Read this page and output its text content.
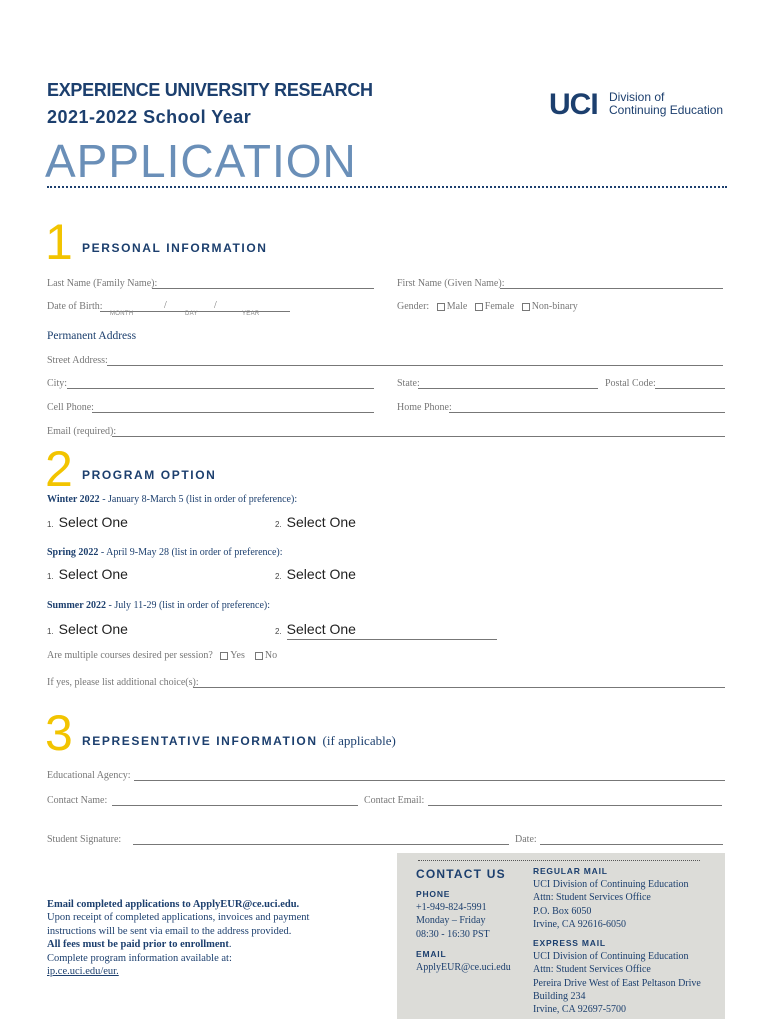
EXPERIENCE UNIVERSITY RESEARCH
2021-2022 School Year
APPLICATION
UCI Division of
Continuing Education
1 PERSONAL INFORMATION
Last Name (Family Name):	First Name (Given Name):
Date of Birth:	/	/
MONTH	DAY	YEAR
Gender: Male Female Non-binary
Permanent Address
Street Address:
City:	State:	Postal Code:
Cell Phone:	Home Phone:
Email (required):
2 PROGRAM OPTION
Winter 2022 - January 8-March 5 (list in order of preference):
1. Select One	2. Select One
Spring 2022 - April 9-May 28 (list in order of preference):
1. Select One	2. Select One
Summer 2022 - July 11-29 (list in order of preference):
1. Select One	2. Select One
Are multiple courses desired per session? Yes No
If yes, please list additional choice(s):
3 REPRESENTATIVE INFORMATION (if applicable)
Educational Agency:
Contact Name:	Contact Email:
Student Signature:	Date:
Email completed applications to ApplyEUR@ce.uci.edu.
Upon receipt of completed applications, invoices and payment
instructions will be sent via email to the address provided.
All fees must be paid prior to enrollment.
Complete program information available at:
ip.ce.uci.edu/eur.
CONTACT US
PHONE
+1-949-824-5991
Monday – Friday
08:30 - 16:30 PST
EMAIL
ApplyEUR@ce.uci.edu
REGULAR MAIL
UCI Division of Continuing Education
Attn: Student Services Office
P.O. Box 6050
Irvine, CA 92616-6050
EXPRESS MAIL
UCI Division of Continuing Education
Attn: Student Services Office
Pereira Drive West of East Peltason Drive
Building 234
Irvine, CA 92697-5700
